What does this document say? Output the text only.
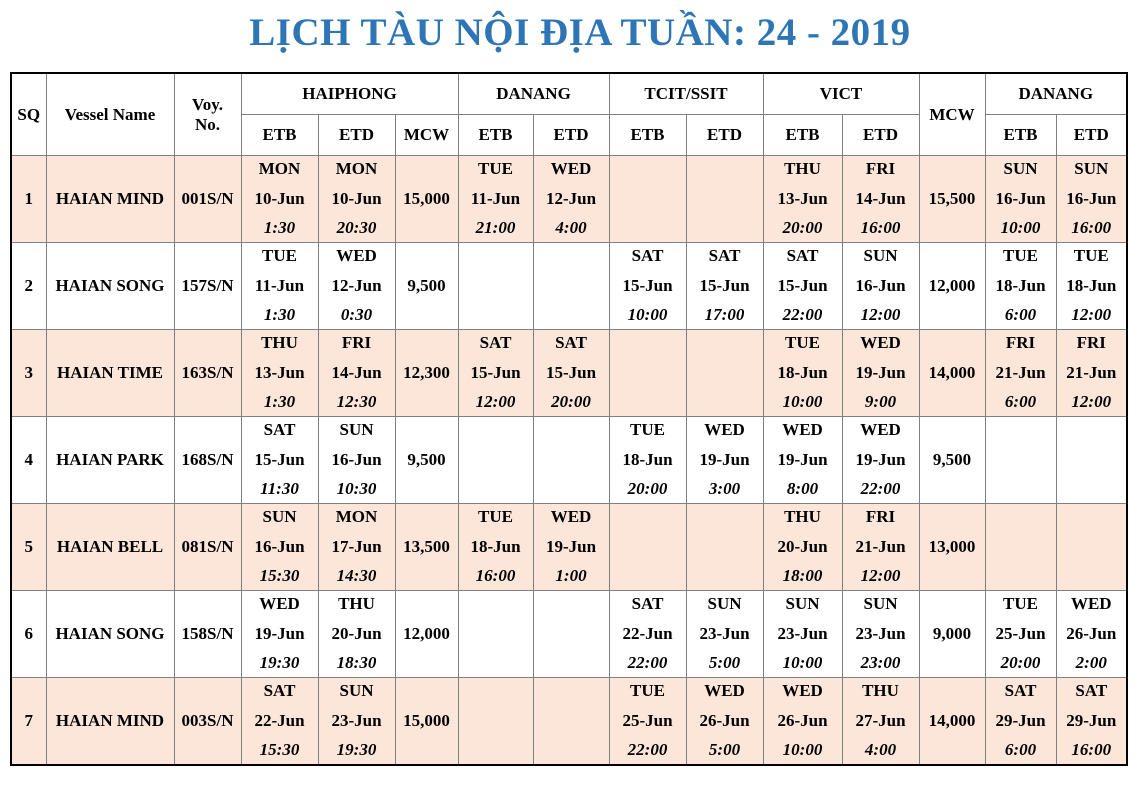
LỊCH TÀU NỘI ĐỊA TUẦN: 24 - 2019
SQ	Vessel Name	Voy.
No.	HAIPHONG			DANANG		TCIT/SSIT		VICT		MCW	DANANG	
			ETB	ETD	MCW	ETB	ETD	ETB	ETD	ETB	ETD		ETB	ETD
1	HAIAN MIND	001S/N	MON
10-Jun
1:30	MON
10-Jun
20:30	15,000	TUE
11-Jun
21:00	WED
12-Jun
4:00			THU
13-Jun
20:00	FRI
14-Jun
16:00	15,500	SUN
16-Jun
10:00	SUN
16-Jun
16:00

2	HAIAN SONG	157S/N	TUE
11-Jun
1:30	WED
12-Jun
0:30	9,500			SAT
15-Jun
10:00	SAT
15-Jun
17:00	SAT
15-Jun
22:00	SUN
16-Jun
12:00	12,000	TUE
18-Jun
6:00	TUE
18-Jun
12:00

3	HAIAN TIME	163S/N	THU
13-Jun
1:30	FRI
14-Jun
12:30	12,300	SAT
15-Jun
12:00	SAT
15-Jun
20:00			TUE
18-Jun
10:00	WED
19-Jun
9:00	14,000	FRI
21-Jun
6:00	FRI
21-Jun
12:00

4	HAIAN PARK	168S/N	SAT
15-Jun
11:30	SUN
16-Jun
10:30	9,500			TUE
18-Jun
20:00	WED
19-Jun
3:00	WED
19-Jun
8:00	WED
19-Jun
22:00	9,500	

5	HAIAN BELL	081S/N	SUN
16-Jun
15:30	MON
17-Jun
14:30	13,500	TUE
18-Jun
16:00	WED
19-Jun
1:00			THU
20-Jun
18:00	FRI
21-Jun
12:00	13,000	

6	HAIAN SONG	158S/N	WED
19-Jun
19:30	THU
20-Jun
18:30	12,000			SAT
22-Jun
22:00	SUN
23-Jun
5:00	SUN
23-Jun
10:00	SUN
23-Jun
23:00	9,000	TUE
25-Jun
20:00	WED
26-Jun
2:00

7	HAIAN MIND	003S/N	SAT
22-Jun
15:30	SUN
23-Jun
19:30	15,000			TUE
25-Jun
22:00	WED
26-Jun
5:00	WED
26-Jun
10:00	THU
27-Jun
4:00	14,000	SAT
29-Jun
6:00	SAT
29-Jun
16:00
